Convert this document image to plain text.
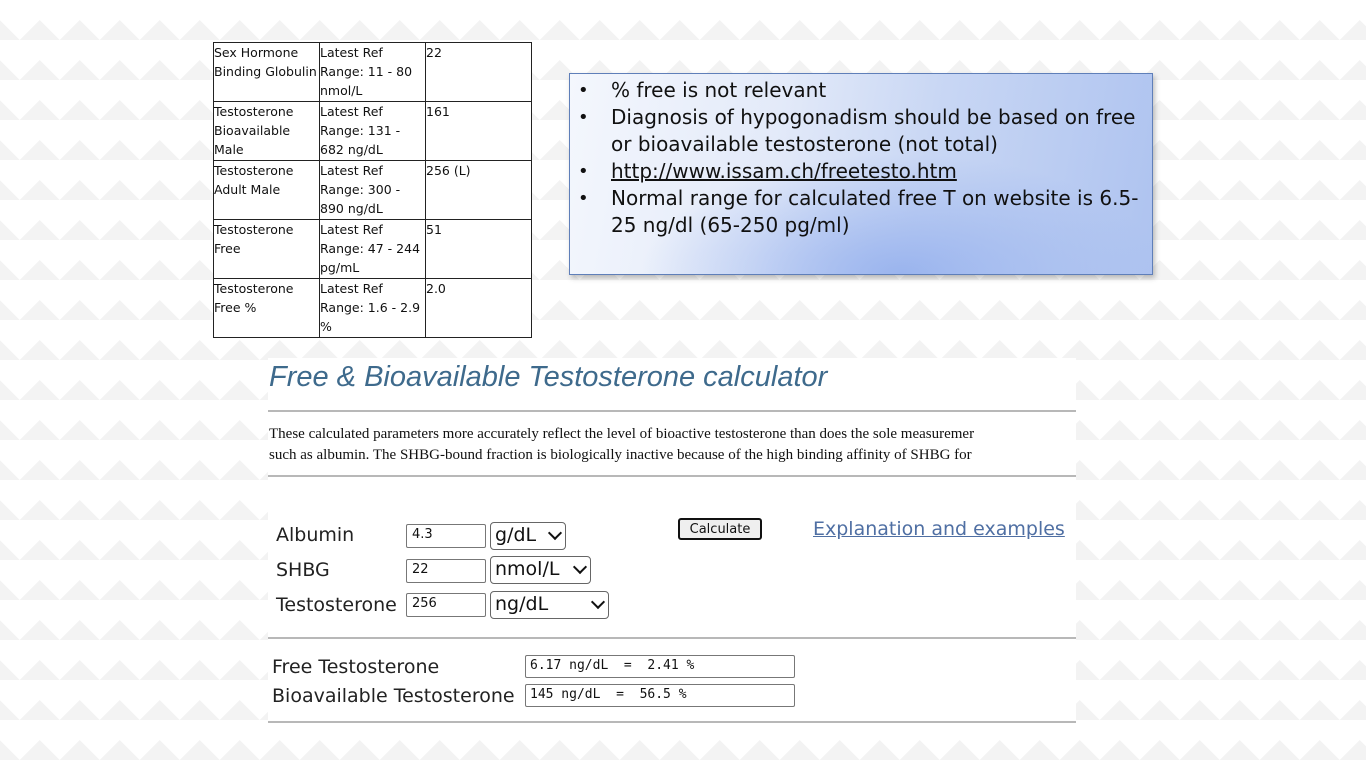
Sex Hormone Binding Globulin	Latest Ref Range: 11 - 80 nmol/L	22
Testosterone Bioavailable Male	Latest Ref Range: 131 - 682 ng/dL	161
Testosterone Adult Male	Latest Ref Range: 300 - 890 ng/dL	256 (L)
Testosterone Free	Latest Ref Range: 47 - 244 pg/mL	51
Testosterone Free %	Latest Ref Range: 1.6 - 2.9 %	2.0
• % free is not relevant
• Diagnosis of hypogonadism should be based on free or bioavailable testosterone (not total)
• http://www.issam.ch/freetesto.htm
• Normal range for calculated free T on website is 6.5-25 ng/dl (65-250 pg/ml)
Free & Bioavailable Testosterone calculator
These calculated parameters more accurately reflect the level of bioactive testosterone than does the sole measuremer
such as albumin. The SHBG-bound fraction is biologically inactive because of the high binding affinity of SHBG for
Albumin	4.3	g/dL
SHBG	22	nmol/L
Testosterone	256	ng/dL
Calculate	Explanation and examples
Free Testosterone	6.17 ng/dL  =  2.41 %
Bioavailable Testosterone	145 ng/dL  =  56.5 %
